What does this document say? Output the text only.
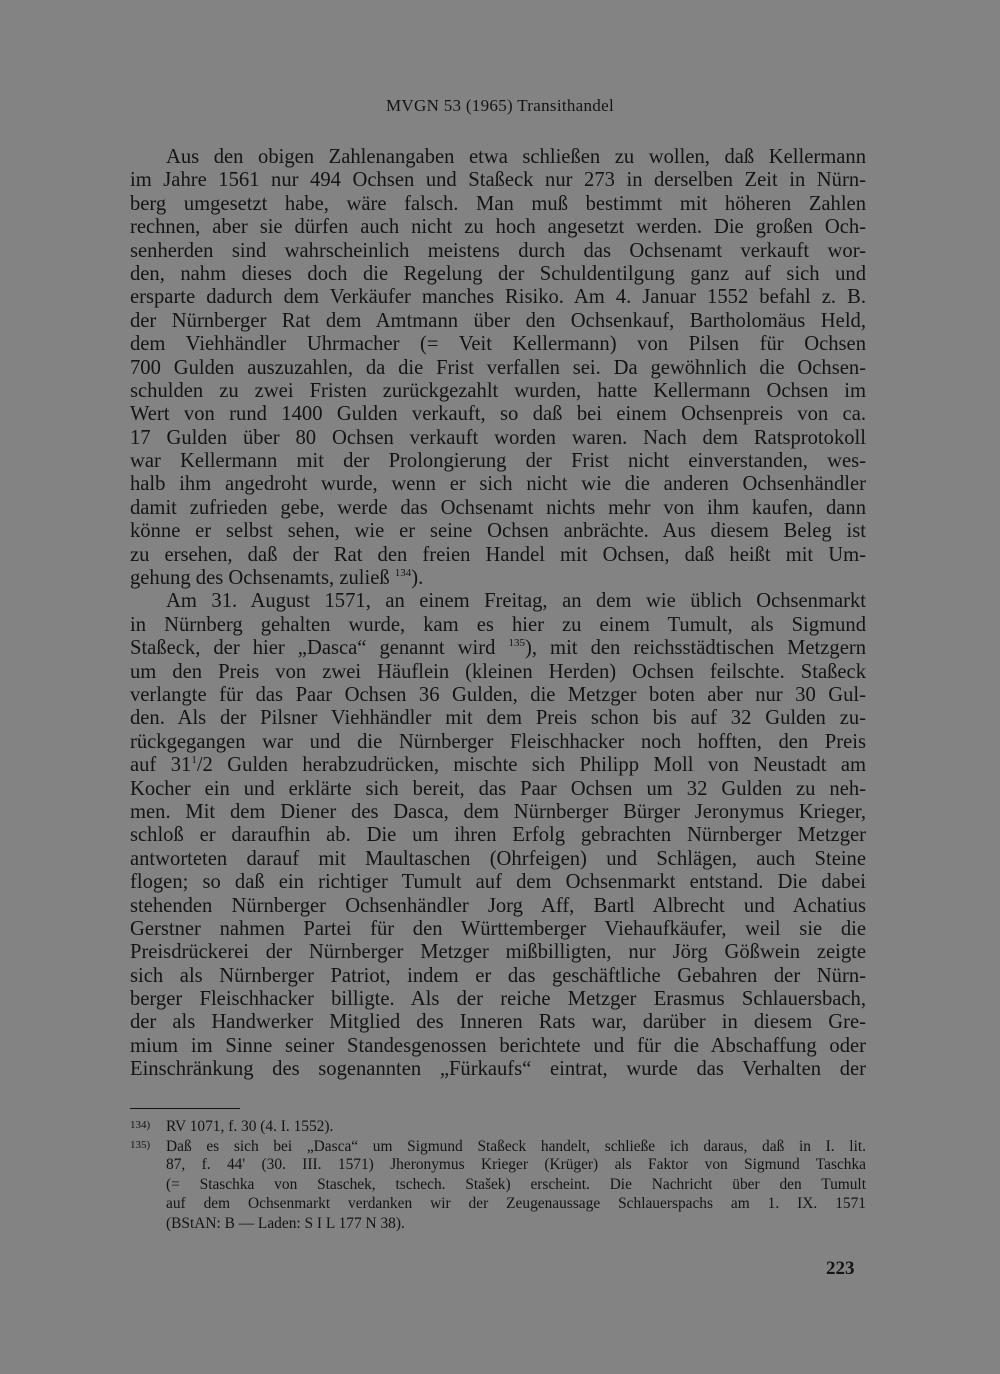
MVGN 53 (1965) Transithandel
Aus den obigen Zahlenangaben etwa schließen zu wollen, daß Kellermann
im Jahre 1561 nur 494 Ochsen und Staßeck nur 273 in derselben Zeit in Nürn-
berg umgesetzt habe, wäre falsch. Man muß bestimmt mit höheren Zahlen
rechnen, aber sie dürfen auch nicht zu hoch angesetzt werden. Die großen Och-
senherden sind wahrscheinlich meistens durch das Ochsenamt verkauft wor-
den, nahm dieses doch die Regelung der Schuldentilgung ganz auf sich und
ersparte dadurch dem Verkäufer manches Risiko. Am 4. Januar 1552 befahl z. B.
der Nürnberger Rat dem Amtmann über den Ochsenkauf, Bartholomäus Held,
dem Viehhändler Uhrmacher (= Veit Kellermann) von Pilsen für Ochsen
700 Gulden auszuzahlen, da die Frist verfallen sei. Da gewöhnlich die Ochsen-
schulden zu zwei Fristen zurückgezahlt wurden, hatte Kellermann Ochsen im
Wert von rund 1400 Gulden verkauft, so daß bei einem Ochsenpreis von ca.
17 Gulden über 80 Ochsen verkauft worden waren. Nach dem Ratsprotokoll
war Kellermann mit der Prolongierung der Frist nicht einverstanden, wes-
halb ihm angedroht wurde, wenn er sich nicht wie die anderen Ochsenhändler
damit zufrieden gebe, werde das Ochsenamt nichts mehr von ihm kaufen, dann
könne er selbst sehen, wie er seine Ochsen anbrächte. Aus diesem Beleg ist
zu ersehen, daß der Rat den freien Handel mit Ochsen, daß heißt mit Um-
gehung des Ochsenamts, zuließ $^{134}$).
Am 31. August 1571, an einem Freitag, an dem wie üblich Ochsenmarkt
in Nürnberg gehalten wurde, kam es hier zu einem Tumult, als Sigmund
Staßeck, der hier „Dasca“ genannt wird $^{135}$), mit den reichsstädtischen Metzgern
um den Preis von zwei Häuflein (kleinen Herden) Ochsen feilschte. Staßeck
verlangte für das Paar Ochsen 36 Gulden, die Metzger boten aber nur 30 Gul-
den. Als der Pilsner Viehhändler mit dem Preis schon bis auf 32 Gulden zu-
rückgegangen war und die Nürnberger Fleischhacker noch hofften, den Preis
auf $31^1/2$ Gulden herabzudrücken, mischte sich Philipp Moll von Neustadt am
Kocher ein und erklärte sich bereit, das Paar Ochsen um 32 Gulden zu neh-
men. Mit dem Diener des Dasca, dem Nürnberger Bürger Jeronymus Krieger,
schloß er daraufhin ab. Die um ihren Erfolg gebrachten Nürnberger Metzger
antworteten darauf mit Maultaschen (Ohrfeigen) und Schlägen, auch Steine
flogen; so daß ein richtiger Tumult auf dem Ochsenmarkt entstand. Die dabei
stehenden Nürnberger Ochsenhändler Jorg Aff, Bartl Albrecht und Achatius
Gerstner nahmen Partei für den Württemberger Viehaufkäufer, weil sie die
Preisdrückerei der Nürnberger Metzger mißbilligten, nur Jörg Gößwein zeigte
sich als Nürnberger Patriot, indem er das geschäftliche Gebahren der Nürn-
berger Fleischhacker billigte. Als der reiche Metzger Erasmus Schlauersbach,
der als Handwerker Mitglied des Inneren Rats war, darüber in diesem Gre-
mium im Sinne seiner Standesgenossen berichtete und für die Abschaffung oder
Einschränkung des sogenannten „Fürkaufs“ eintrat, wurde das Verhalten der
134) RV 1071, f. 30 (4. I. 1552).
135) Daß es sich bei „Dasca“ um Sigmund Staßeck handelt, schließe ich daraus, daß in I. lit.
87, f. 44' (30. III. 1571) Jheronymus Krieger (Krüger) als Faktor von Sigmund Taschka
(= Staschka von Staschek, tschech. Stašek) erscheint. Die Nachricht über den Tumult
auf dem Ochsenmarkt verdanken wir der Zeugenaussage Schlauerspachs am 1. IX. 1571
(BStAN: B — Laden: S I L 177 N 38).
223
